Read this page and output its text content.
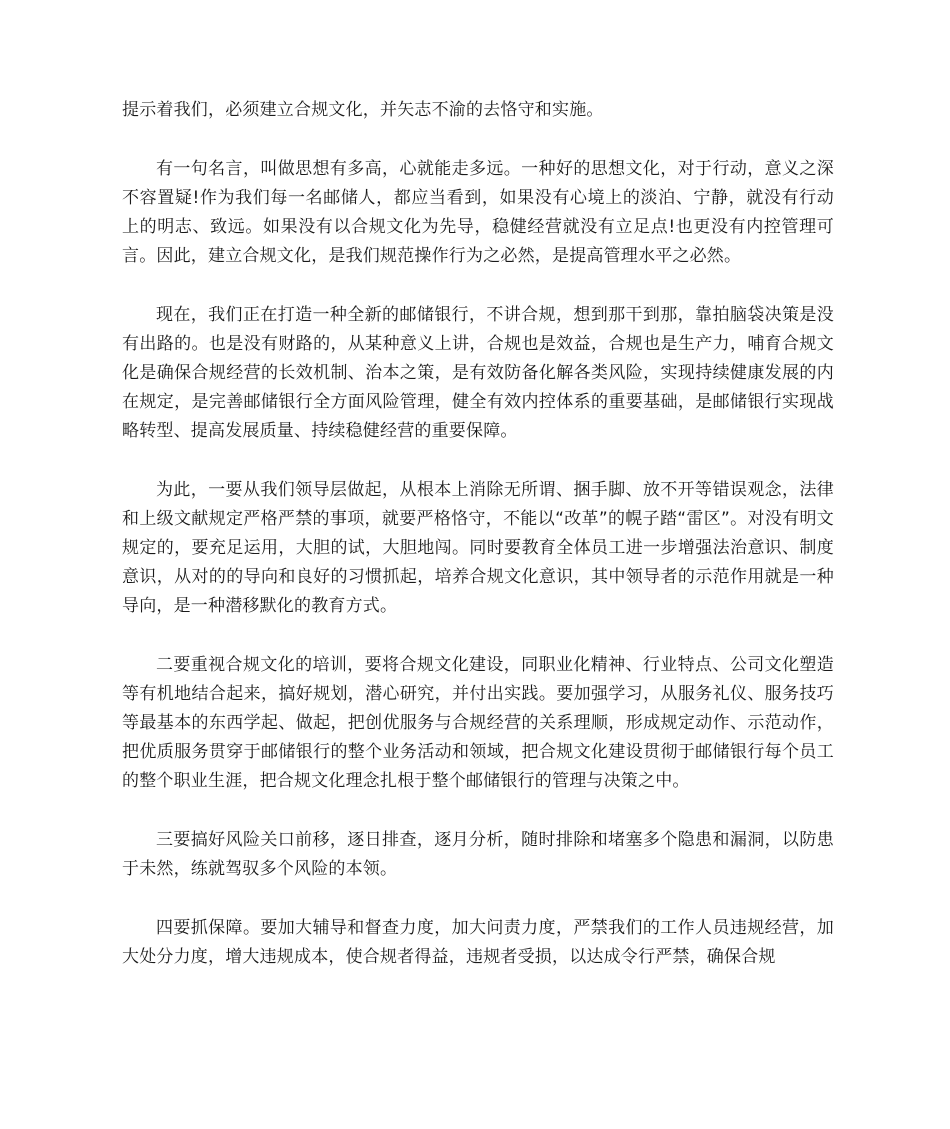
提示着我们，必须建立合规文化，并矢志不渝的去恪守和实施。

有一句名言，叫做思想有多高，心就能走多远。一种好的思想文化，对于行动，意义之深不容置疑!作为我们每一名邮储人，都应当看到，如果没有心境上的淡泊、宁静，就没有行动上的明志、致远。如果没有以合规文化为先导，稳健经营就没有立足点!也更没有内控管理可言。因此，建立合规文化，是我们规范操作行为之必然，是提高管理水平之必然。

现在，我们正在打造一种全新的邮储银行，不讲合规，想到那干到那，靠拍脑袋决策是没有出路的。也是没有财路的，从某种意义上讲，合规也是效益，合规也是生产力，哺育合规文化是确保合规经营的长效机制、治本之策，是有效防备化解各类风险，实现持续健康发展的内在规定，是完善邮储银行全方面风险管理，健全有效内控体系的重要基础，是邮储银行实现战略转型、提高发展质量、持续稳健经营的重要保障。

为此，一要从我们领导层做起，从根本上消除无所谓、捆手脚、放不开等错误观念，法律和上级文献规定严格严禁的事项，就要严格恪守，不能以“改革”的幌子踏“雷区”。对没有明文规定的，要充足运用，大胆的试，大胆地闯。同时要教育全体员工进一步增强法治意识、制度意识，从对的的导向和良好的习惯抓起，培养合规文化意识，其中领导者的示范作用就是一种导向，是一种潜移默化的教育方式。

二要重视合规文化的培训，要将合规文化建设，同职业化精神、行业特点、公司文化塑造等有机地结合起来，搞好规划，潜心研究，并付出实践。要加强学习，从服务礼仪、服务技巧等最基本的东西学起、做起，把创优服务与合规经营的关系理顺，形成规定动作、示范动作，把优质服务贯穿于邮储银行的整个业务活动和领域，把合规文化建设贯彻于邮储银行每个员工的整个职业生涯，把合规文化理念扎根于整个邮储银行的管理与决策之中。

三要搞好风险关口前移，逐日排查，逐月分析，随时排除和堵塞多个隐患和漏洞，以防患于未然，练就驾驭多个风险的本领。

四要抓保障。要加大辅导和督查力度，加大问责力度，严禁我们的工作人员违规经营，加大处分力度，增大违规成本，使合规者得益，违规者受损，以达成令行严禁，确保合规
